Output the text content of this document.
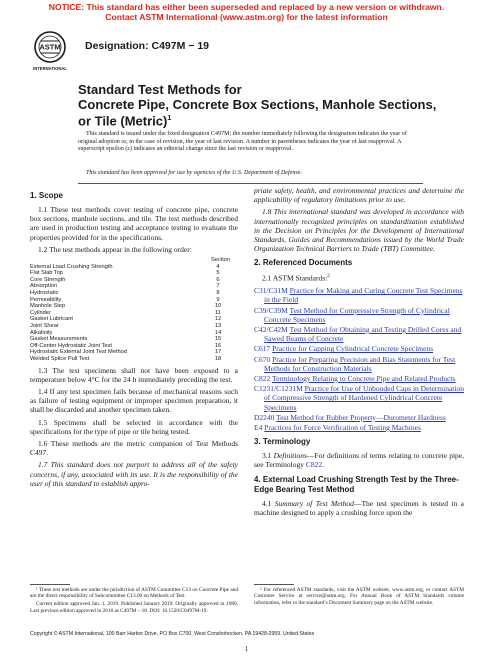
NOTICE: This standard has either been superseded and replaced by a new version or withdrawn.
Contact ASTM International (www.astm.org) for the latest information
ASTM
INTERNATIONAL
Designation: C497M − 19
Standard Test Methods for
Concrete Pipe, Concrete Box Sections, Manhole Sections,
or Tile (Metric)$^1$
This standard is issued under the fixed designation C497M; the number immediately following the designation indicates the year of original adoption or, in the case of revision, the year of last revision. A number in parentheses indicates the year of last reapproval. A superscript epsilon (ε) indicates an editorial change since the last revision or reapproval.
This standard has been approved for use by agencies of the U.S. Department of Defense.
1. Scope

1.1 These test methods cover testing of concrete pipe, concrete box sections, manhole sections, and tile. The test methods described are used in production testing and acceptance testing to evaluate the properties provided for in the specifications.

1.2 The test methods appear in the following order:

Section
External Load Crushing Strength	4
Flat Slab Top	5
Core Strength	6
Absorption	7
Hydrostatic	8
Permeability	9
Manhole Step	10
Cylinder	11
Gasket Lubricant	12
Joint Shear	13
Alkalinity	14
Gasket Measurements	15
Off-Center Hydrostatic Joint Test	16
Hydrostatic External Joint Test Method	17
Welded Splice Pull Test	18

1.3 The test specimens shall not have been exposed to a temperature below 4°C for the 24 h immediately preceding the test.

1.4 If any test specimen fails because of mechanical reasons such as failure of testing equipment or improper specimen preparation, it shall be discarded and another specimen taken.

1.5 Specimens shall be selected in accordance with the specifications for the type of pipe or tile being tested.

1.6 These methods are the metric companion of Test Methods C497.

1.7 This standard does not purport to address all of the safety concerns, if any, associated with its use. It is the responsibility of the user of this standard to establish appro-

priate safety, health, and environmental practices and determine the applicability of regulatory limitations prior to use.

1.8 This international standard was developed in accordance with internationally recognized principles on standardization established in the Decision on Principles for the Development of International Standards, Guides and Recommendations issued by the World Trade Organization Technical Barriers to Trade (TBT) Committee.

2. Referenced Documents

2.1 ASTM Standards:$^2$

C31/C31M Practice for Making and Curing Concrete Test Specimens in the Field
C39/C39M Test Method for Compressive Strength of Cylindrical Concrete Specimens
C42/C42M Test Method for Obtaining and Testing Drilled Cores and Sawed Beams of Concrete
C617 Practice for Capping Cylindrical Concrete Specimens
C670 Practice for Preparing Precision and Bias Statements for Test Methods for Construction Materials
C822 Terminology Relating to Concrete Pipe and Related Products
C1231/C1231M Practice for Use of Unbonded Caps in Determination of Compressive Strength of Hardened Cylindrical Concrete Specimens
D2240 Test Method for Rubber Property—Durometer Hardness
E4 Practices for Force Verification of Testing Machines
3. Terminology

3.1 Definitions—For definitions of terms relating to concrete pipe, see Terminology C822.

4. External Load Crushing Strength Test by the Three-Edge Bearing Test Method

4.1 Summary of Test Method—The test specimen is tested in a machine designed to apply a crushing force upon the

¹ These test methods are under the jurisdiction of ASTM Committee C13 on Concrete Pipe and are the direct responsibility of Subcommittee C13.09 on Methods of Test.

Current edition approved Jan. 1, 2019. Published January 2019. Originally approved in 1980. Last previous edition approved in 2018 as C497M – 18. DOI: 10.1520/C0497M-19.

² For referenced ASTM standards, visit the ASTM website, www.astm.org, or contact ASTM Customer Service at service@astm.org. For Annual Book of ASTM Standards volume information, refer to the standard’s Document Summary page on the ASTM website.

Copyright © ASTM International, 100 Barr Harbor Drive, PO Box C700, West Conshohocken, PA 19428-2959. United States
1
